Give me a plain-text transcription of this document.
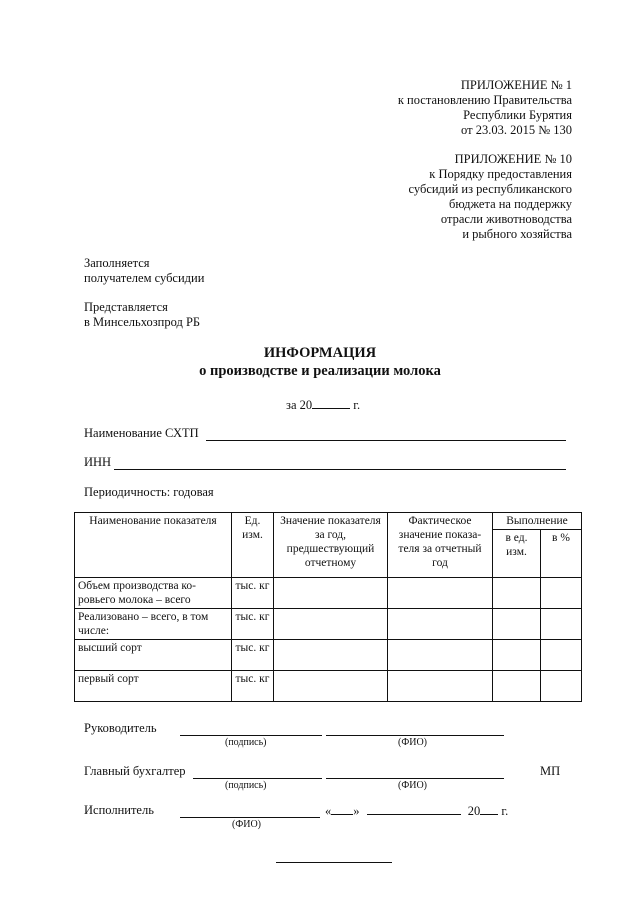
ПРИЛОЖЕНИЕ № 1
к постановлению Правительства
Республики Бурятия
от 23.03. 2015 № 130
ПРИЛОЖЕНИЕ № 10
к Порядку предоставления
субсидий из республиканского
бюджета на поддержку
отрасли животноводства
и рыбного хозяйства
Заполняется
получателем субсидии
Представляется
в Минсельхозпрод РБ
ИНФОРМАЦИЯ
о производстве и реализации молока
за 20	г.
Наименование СХТП
ИНН
Периодичность: годовая
Наименование показателя	Ед. изм.	Значение показателя за год, предшествующий отчетному	Фактическое значение показа-теля за отчетный год	Выполнение	
				в ед. изм.	в %
Объем производства ко-ровьего молока – всего	тыс. кг				
Реализовано – всего, в том числе:	тыс. кг				
высший сорт	тыс. кг				
первый сорт	тыс. кг				
Руководитель
(подпись)	(ФИО)
Главный бухгалтер
(подпись)	(ФИО)
МП
Исполнитель	« »	20 г.
(ФИО)
